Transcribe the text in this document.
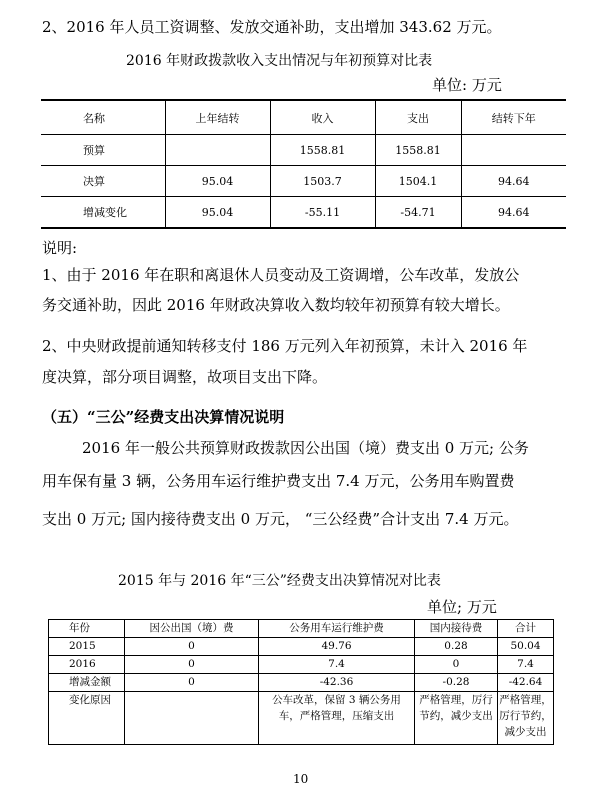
2、2016 年人员工资调整、发放交通补助，支出增加 343.62 万元。

2016 年财政拨款收入支出情况与年初预算对比表

单位: 万元

名称	上年结转	收入	支出	结转下年
预算		1558.81	1558.81	
决算	95.04	1503.7	1504.1	94.64
增减变化	95.04	-55.11	-54.71	94.64

说明:

1、由于 2016 年在职和离退休人员变动及工资调增，公车改革，发放公

务交通补助，因此 2016 年财政决算收入数均较年初预算有较大增长。

2、中央财政提前通知转移支付 186 万元列入年初预算，未计入 2016 年

度决算，部分项目调整，故项目支出下降。

（五）“三公”经费支出决算情况说明

2016 年一般公共预算财政拨款因公出国（境）费支出 0 万元; 公务

用车保有量 3 辆，公务用车运行维护费支出 7.4 万元，公务用车购置费

支出 0 万元; 国内接待费支出 0 万元， “三公经费”合计支出 7.4 万元。

2015 年与 2016 年“三公”经费支出决算情况对比表

单位; 万元

年份	因公出国（境）费	公务用车运行维护费	国内接待费	合计
2015	0	49.76	0.28	50.04
2016	0	7.4	0	7.4
增减金额	0	-42.36	-0.28	-42.64
变化原因		公车改革，保留 3 辆公务用车，严格管理，压缩支出	严格管理，厉行节约，减少支出	严格管理，厉行节约，减少支出

10
